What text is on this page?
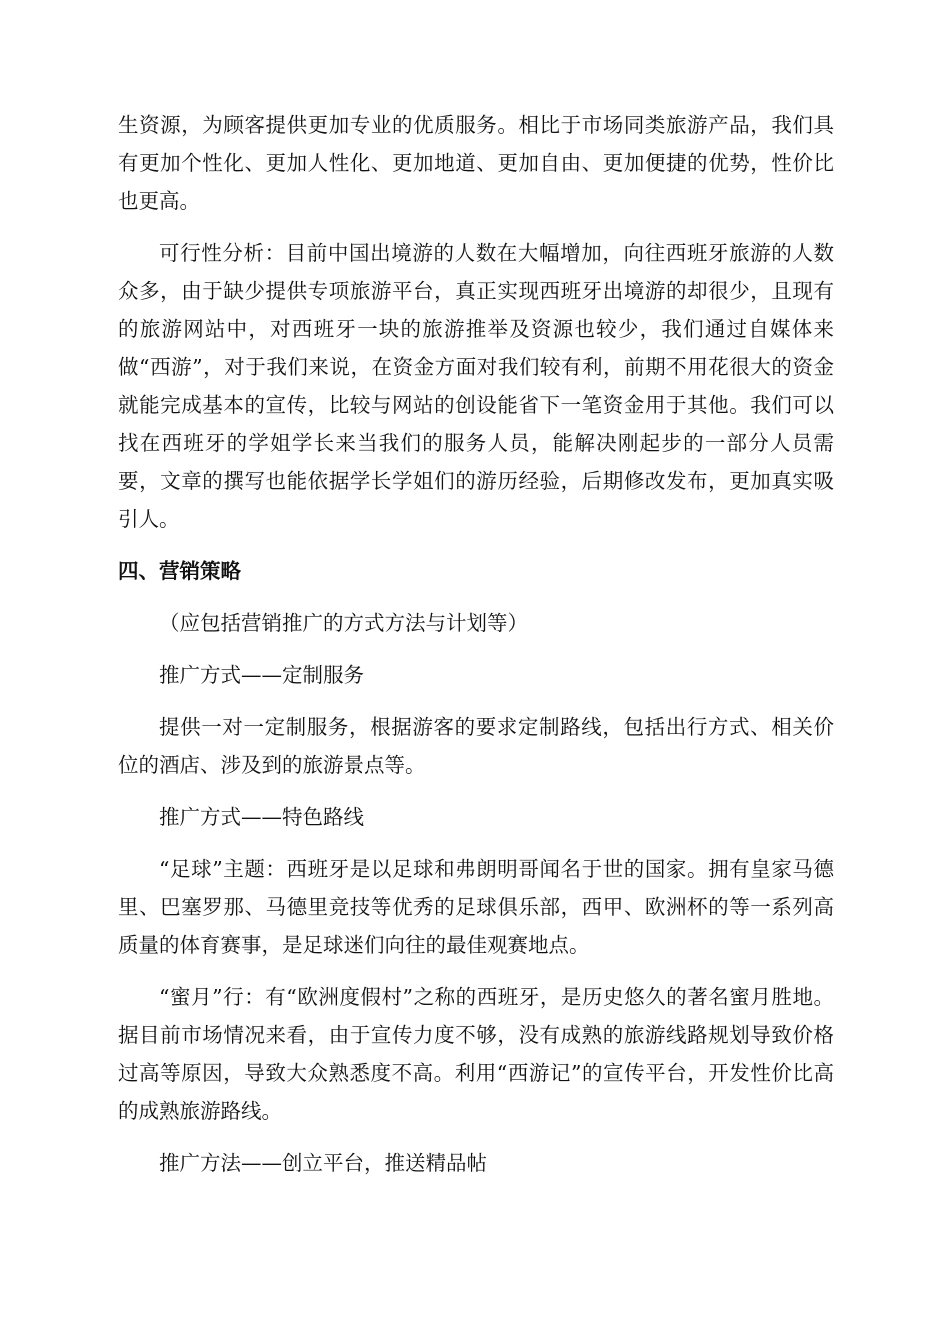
生资源，为顾客提供更加专业的优质服务。相比于市场同类旅游产品，我们具有更加个性化、更加人性化、更加地道、更加自由、更加便捷的优势，性价比也更高。

可行性分析：目前中国出境游的人数在大幅增加，向往西班牙旅游的人数众多，由于缺少提供专项旅游平台，真正实现西班牙出境游的却很少，且现有的旅游网站中，对西班牙一块的旅游推举及资源也较少，我们通过自媒体来做“西游”，对于我们来说，在资金方面对我们较有利，前期不用花很大的资金就能完成基本的宣传，比较与网站的创设能省下一笔资金用于其他。我们可以找在西班牙的学姐学长来当我们的服务人员，能解决刚起步的一部分人员需要，文章的撰写也能依据学长学姐们的游历经验，后期修改发布，更加真实吸引人。

四、营销策略

（应包括营销推广的方式方法与计划等）

推广方式——定制服务

提供一对一定制服务，根据游客的要求定制路线，包括出行方式、相关价位的酒店、涉及到的旅游景点等。

推广方式——特色路线

“足球”主题：西班牙是以足球和弗朗明哥闻名于世的国家。拥有皇家马德里、巴塞罗那、马德里竞技等优秀的足球俱乐部，西甲、欧洲杯的等一系列高质量的体育赛事，是足球迷们向往的最佳观赛地点。

“蜜月”行：有“欧洲度假村”之称的西班牙，是历史悠久的著名蜜月胜地。据目前市场情况来看，由于宣传力度不够，没有成熟的旅游线路规划导致价格过高等原因，导致大众熟悉度不高。利用“西游记”的宣传平台，开发性价比高的成熟旅游路线。

推广方法——创立平台，推送精品帖
